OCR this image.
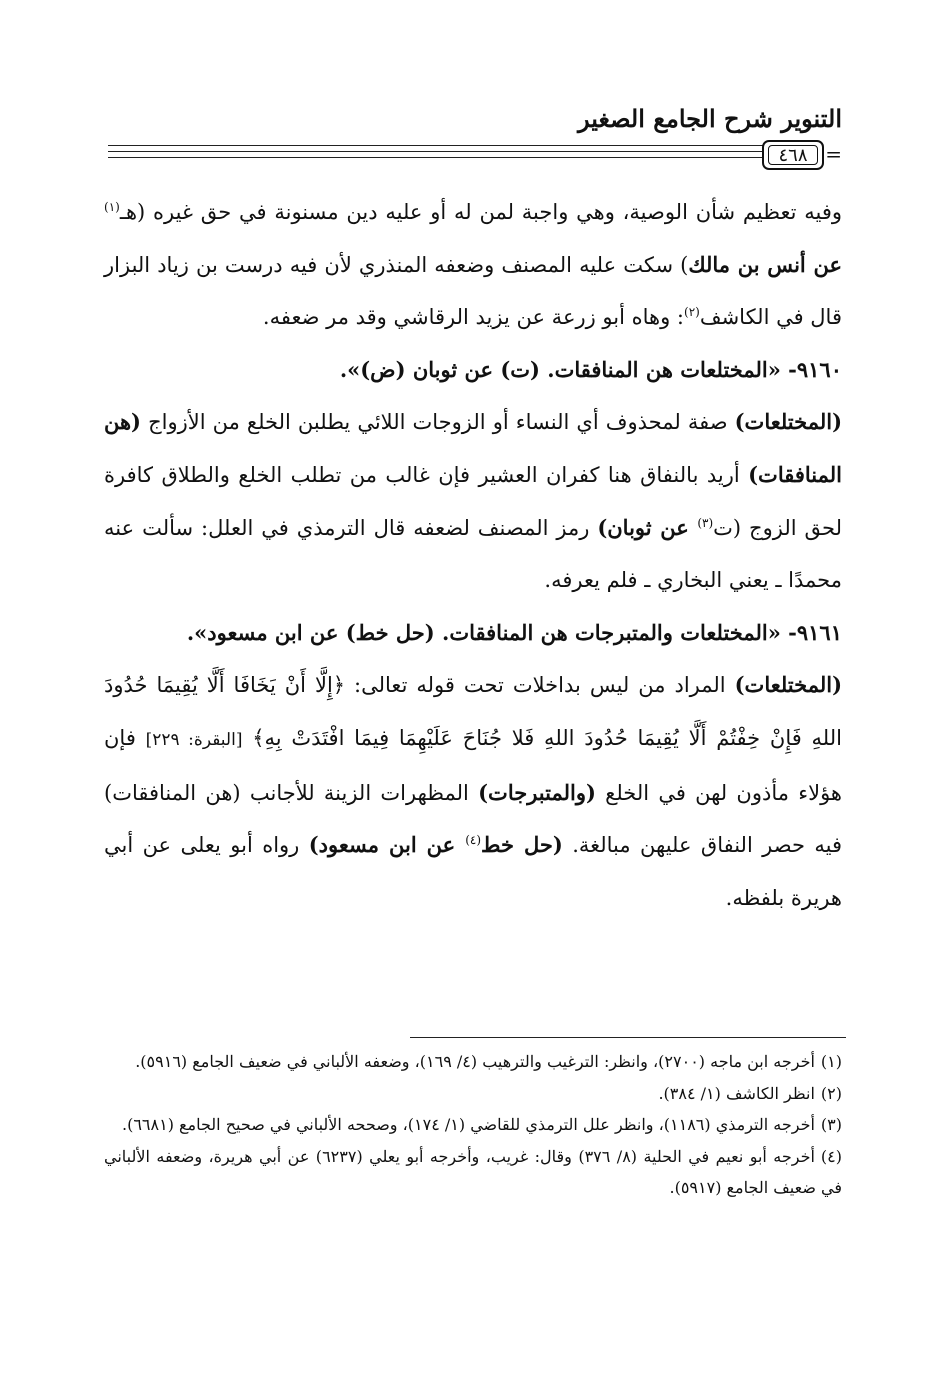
التنوير شرح الجامع الصغير
٤٦٨ =

وفيه تعظيم شأن الوصية، وهي واجبة لمن له أو عليه دين مسنونة في حق غيره (هـ$^{(١)}$ عن أنس بن مالك) سكت عليه المصنف وضعفه المنذري لأن فيه درست بن زياد البزار قال في الكاشف$^{(٢)}$: وهاه أبو زرعة عن يزيد الرقاشي وقد مر ضعفه.

٩١٦٠- «المختلعات هن المنافقات. (ت) عن ثوبان (ض)».

(المختلعات) صفة لمحذوف أي النساء أو الزوجات اللائي يطلبن الخلع من الأزواج (هن المنافقات) أريد بالنفاق هنا كفران العشير فإن غالب من تطلب الخلع والطلاق كافرة لحق الزوج (ت$^{(٣)}$ عن ثوبان) رمز المصنف لضعفه قال الترمذي في العلل: سألت عنه محمدًا ـ يعني البخاري ـ فلم يعرفه.

٩١٦١- «المختلعات والمتبرجات هن المنافقات. (حل خط) عن ابن مسعود».

(المختلعات) المراد من ليس بداخلات تحت قوله تعالى: ﴿إِلَّا أَنْ يَخَافَا أَلَّا يُقِيمَا حُدُودَ اللهِ فَإِنْ خِفْتُمْ أَلَّا يُقِيمَا حُدُودَ اللهِ فَلا جُنَاحَ عَلَيْهِمَا فِيمَا افْتَدَتْ بِهِ﴾ [البقرة: ٢٢٩] فإن هؤلاء مأذون لهن في الخلع (والمتبرجات) المظهرات الزينة للأجانب (هن المنافقات) فيه حصر النفاق عليهن مبالغة. (حل خط$^{(٤)}$ عن ابن مسعود) رواه أبو يعلى عن أبي هريرة بلفظه.

(١)أخرجه ابن ماجه (٢٧٠٠)، وانظر: الترغيب والترهيب (٤/ ١٦٩)، وضعفه الألباني في ضعيف الجامع (٥٩١٦).

(٢)انظر الكاشف (١/ ٣٨٤).

(٣)أخرجه الترمذي (١١٨٦)، وانظر علل الترمذي للقاضي (١/ ١٧٤)، وصححه الألباني في صحيح الجامع (٦٦٨١).

(٤)أخرجه أبو نعيم في الحلية (٨/ ٣٧٦) وقال: غريب، وأخرجه أبو يعلي (٦٢٣٧) عن أبي هريرة، وضعفه الألباني في ضعيف الجامع (٥٩١٧).
